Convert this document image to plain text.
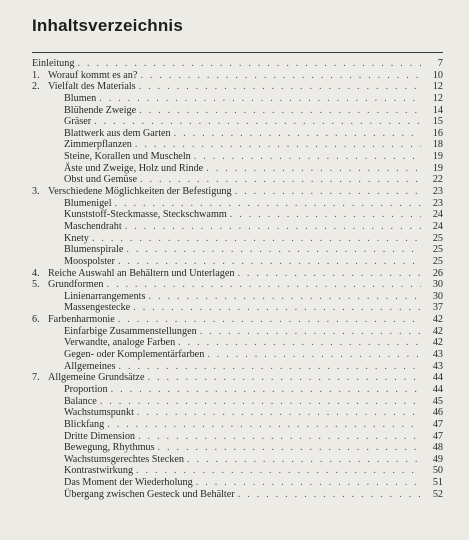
Inhaltsverzeichnis
Einleitung . . .	7
1. Worauf kommt es an? . . .	10
2. Vielfalt des Materials . . .	12
Blumen . . .	12
Blühende Zweige . . .	14
Gräser . . .	15
Blattwerk aus dem Garten . . .	16
Zimmerpflanzen . . .	18
Steine, Korallen und Muscheln . . .	19
Äste und Zweige, Holz und Rinde . . .	19
Obst und Gemüse . . .	22
3. Verschiedene Möglichkeiten der Befestigung . . .	23
Blumenigel . . .	23
Kunststoff-Steckmasse, Steckschwamm . . .	24
Maschendraht . . .	24
Knety . . .	25
Blumenspirale . . .	25
Moospolster . . .	25
4. Reiche Auswahl an Behältern und Unterlagen . . .	26
5. Grundformen . . .	30
Linienarrangements . . .	30
Massengestecke . . .	37
6. Farbenharmonie . . .	42
Einfarbige Zusammenstellungen . . .	42
Verwandte, analoge Farben . . .	42
Gegen- oder Komplementärfarben . . .	43
Allgemeines . . .	43
7. Allgemeine Grundsätze . . .	44
Proportion . . .	44
Balance . . .	45
Wachstumspunkt . . .	46
Blickfang . . .	47
Dritte Dimension . . .	47
Bewegung, Rhythmus . . .	48
Wachstumsgerechtes Stecken . . .	49
Kontrastwirkung . . .	50
Das Moment der Wiederholung . . .	51
Übergang zwischen Gesteck und Behälter . . .	52
